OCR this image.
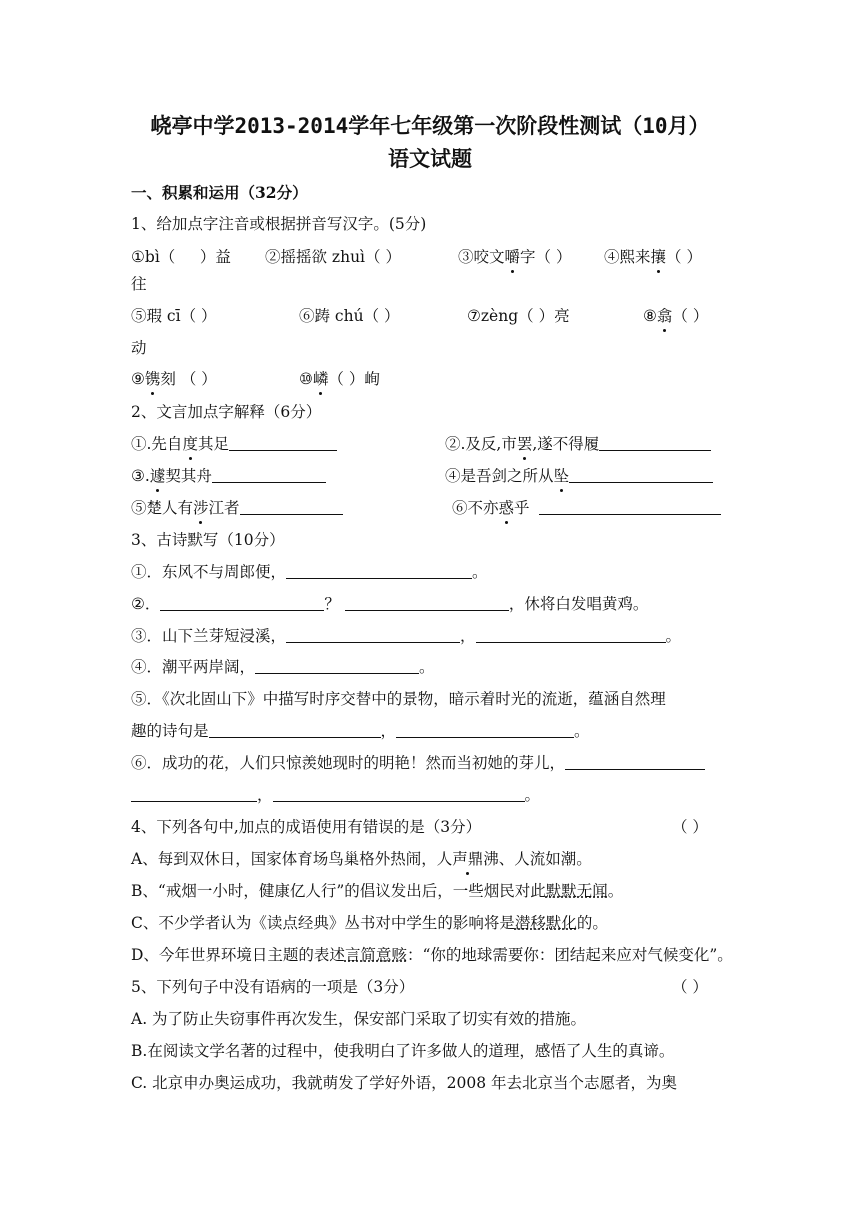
峣亭中学2013-2014学年七年级第一次阶段性测试（10月）
语文试题
一、积累和运用（32分）
1、给加点字注音或根据拼音写汉字。(5分)
①bì（     ）益 ②摇摇欲 zhuì（ ）	③咬文嚼字（ ） ④熙来攘（ ）
往
⑤瑕 cī（ ）	⑥踌 chú（ ）	⑦zèng（ ）亮	⑧翕（ ）
动
⑨镌刻 （ ）	⑩嶙（ ）峋
2、文言加点字解释（6分）
①.先自度其足	②.及反,市罢,遂不得履
③.遽契其舟	④是吾剑之所从坠
⑤楚人有涉江者	⑥不亦惑乎
3、古诗默写（10分）
①．东风不与周郎便，	。
②．	？	，休将白发唱黄鸡。
③．山下兰芽短浸溪，	，	。
④．潮平两岸阔，	。
⑤．《次北固山下》中描写时序交替中的景物，暗示着时光的流逝，蕴涵自然理
趣的诗句是	，	。
⑥．成功的花，人们只惊羡她现时的明艳！然而当初她的芽儿，
，	。
4、下列各句中,加点的成语使用有错误的是（3分）	（ ）
A、每到双休日，国家体育场鸟巢格外热闹，人声鼎沸、人流如潮。
B、“戒烟一小时，健康亿人行”的倡议发出后，一些烟民对此默默无闻。
C、不少学者认为《读点经典》丛书对中学生的影响将是潜移默化的。
D、今年世界环境日主题的表述言简意赅：“你的地球需要你：团结起来应对气候变化”。
5、下列句子中没有语病的一项是（3分）	（ ）
A. 为了防止失窃事件再次发生，保安部门采取了切实有效的措施。
B.在阅读文学名著的过程中，使我明白了许多做人的道理，感悟了人生的真谛。
C. 北京申办奥运成功，我就萌发了学好外语，2008 年去北京当个志愿者，为奥
